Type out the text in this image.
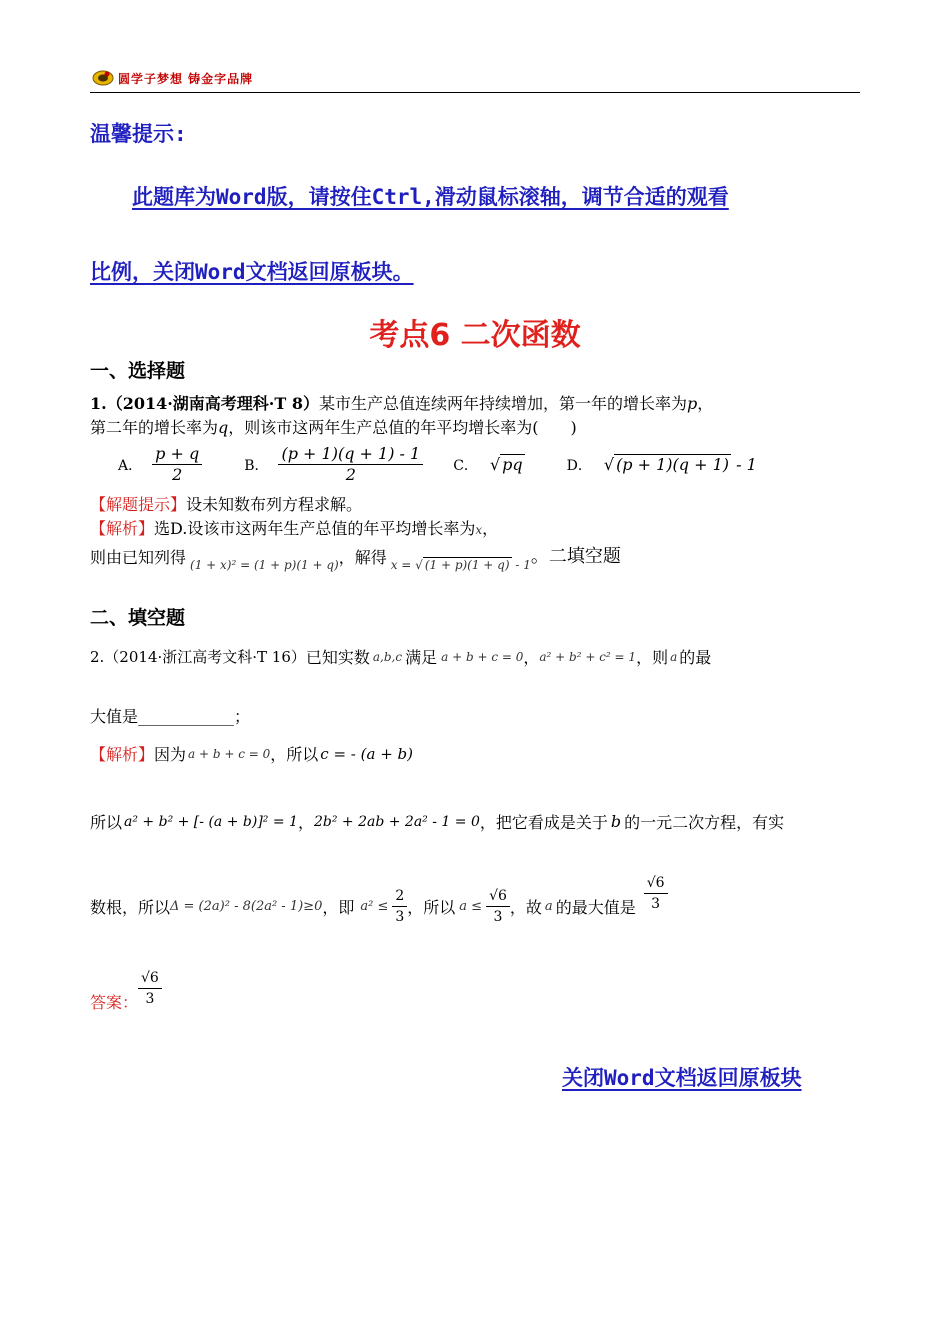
圆学子梦想 铸金字品牌
温馨提示:
此题库为Word版，请按住Ctrl,滑动鼠标滚轴，调节合适的观看
比例，关闭Word文档返回原板块。
考点6 二次函数
一、选择题
1.（2014·湖南高考理科·T 8）某市生产总值连续两年持续增加，第一年的增长率为p，
第二年的增长率为q，则该市这两年生产总值的年平均增长率为(　　)
A． $\frac{p + q}{2}$	B． $\frac{(p + 1)(q + 1) - 1}{2}$ C． √ pq	D． √ (p + 1)(q + 1) - 1
【解题提示】设未知数布列方程求解。
【解析】选D.设该市这两年生产总值的年平均增长率为x，
则由已知列得 (1 + x)² = (1 + p)(1 + q) ，解得 x = √ (1 + p)(1 + q) - 1 。二填空题
二、填空题
2.（2014·浙江高考文科·T 16） 已知实数 a,b,c 满足 a + b + c = 0 ， a² + b² + c² = 1 ，则 a 的最
大值是____________；
【解析】 因为 a + b + c = 0 ，所以 c = - (a + b)
所以 a² + b² + [- (a + b)]² = 1 ， 2b² + 2ab + 2a² - 1 = 0 ，把它看成是关于 b 的一元二次方程，有实
数根，所以 Δ = (2a)² - 8(2a² - 1)≥0 ，即 $a^2 \le \frac{2}{3}$ ，所以 $a \le \frac{√6}{3}$ ，故 a 的最大值是 $\frac{√6}{3}$
答案： $\frac{√6}{3}$
关闭Word文档返回原板块
